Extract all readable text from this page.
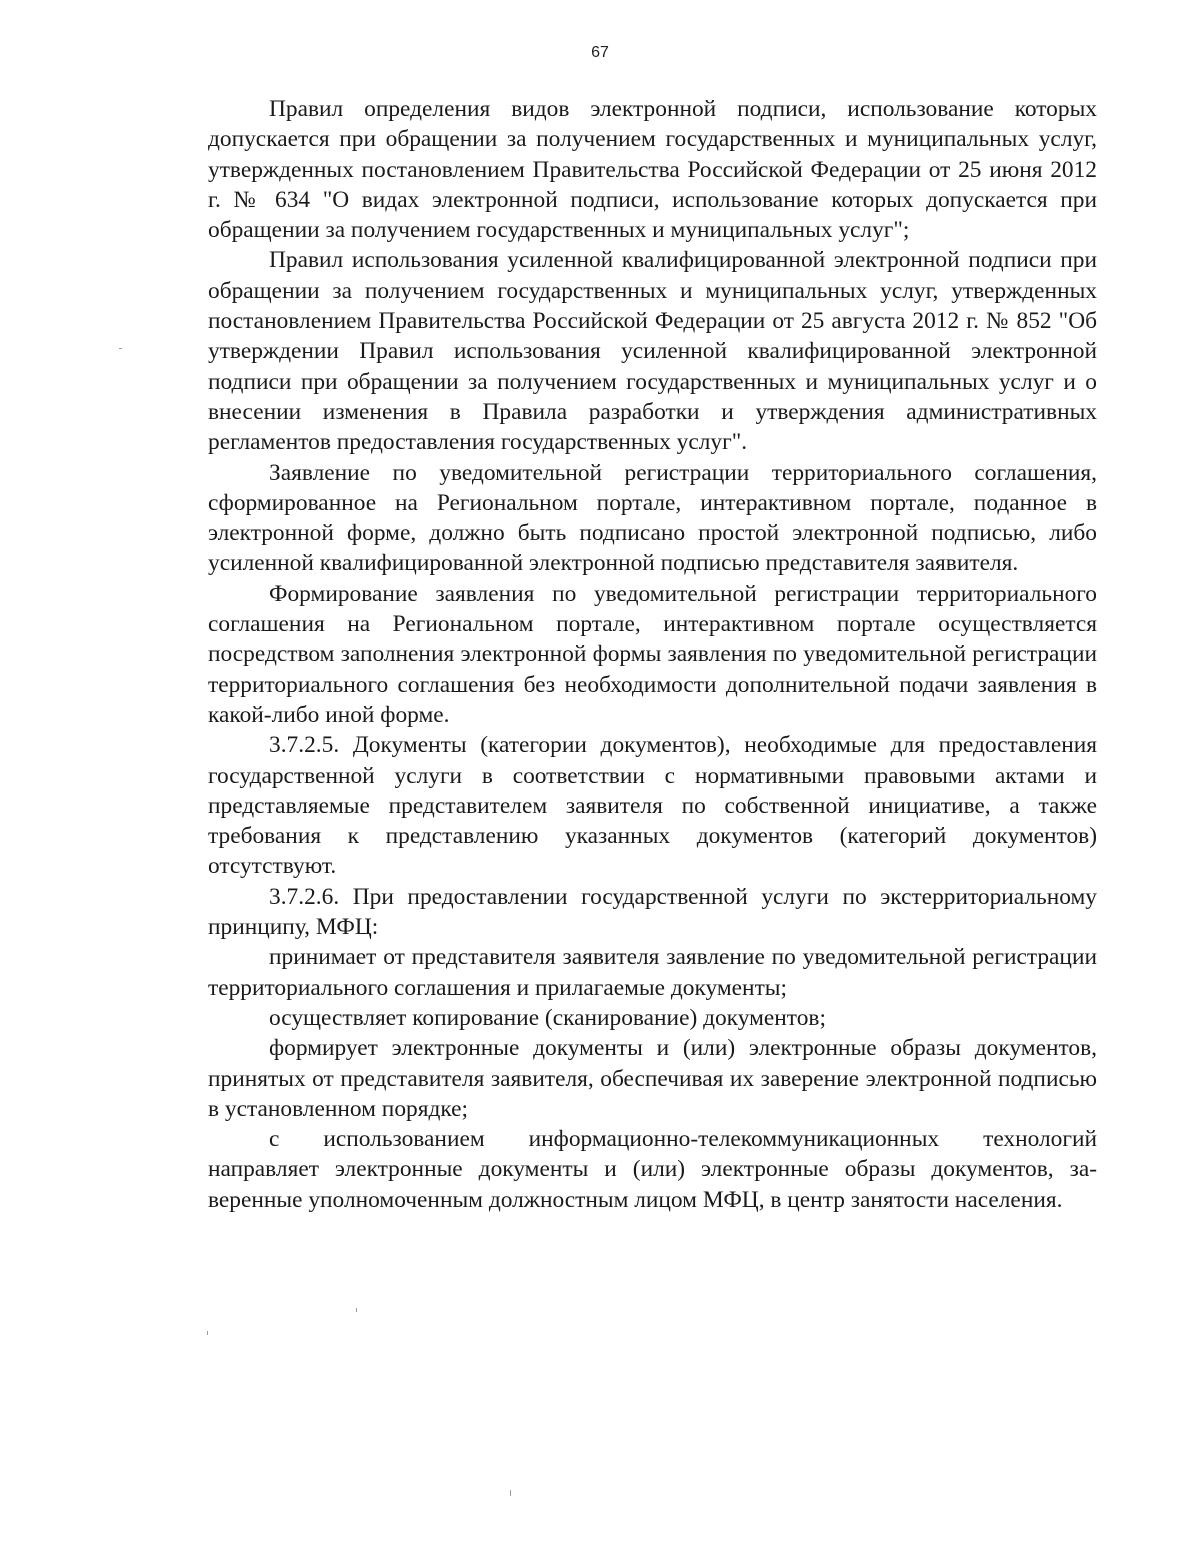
67

Правил определения видов электронной подписи, использование которых допускается при обращении за получением государственных и муниципальных услуг, утвержденных постановлением Правительства Российской Федерации от 25 июня 2012 г. № 634 "О видах электронной подписи, использование которых допускается при обращении за получением государственных и муниципальных услуг";

Правил использования усиленной квалифицированной электронной подписи при обращении за получением государственных и муниципальных услуг, утвержденных постановлением Правительства Российской Федерации от 25 августа 2012 г. № 852 "Об утверждении Правил использования усиленной квалифицированной электронной подписи при обращении за получением государственных и муниципальных услуг и о внесении изменения в Правила разработки и утверждения административных регламентов предоставления государственных услуг".

Заявление по уведомительной регистрации территориального соглашения, сформированное на Региональном портале, интерактивном портале, поданное в электронной форме, должно быть подписано простой электронной подписью, либо усиленной квалифицированной электронной подписью представителя заявителя.

Формирование заявления по уведомительной регистрации территориального соглашения на Региональном портале, интерактивном портале осуществляется посредством заполнения электронной формы заявления по уведомительной регистрации территориального соглашения без необходимости дополнительной подачи заявления в какой-либо иной форме.

3.7.2.5. Документы (категории документов), необходимые для предоставления государственной услуги в соответствии с нормативными правовыми актами и представляемые представителем заявителя по собственной инициативе, а также требования к представлению указанных документов (категорий документов) отсутствуют.

3.7.2.6. При предоставлении государственной услуги по экстерриториальному принципу, МФЦ:

принимает от представителя заявителя заявление по уведомительной регистрации территориального соглашения и прилагаемые документы;

осуществляет копирование (сканирование) документов;

формирует электронные документы и (или) электронные образы документов, принятых от представителя заявителя, обеспечивая их заверение электронной подписью в установленном порядке;

с использованием информационно-телекоммуникационных технологий направляет электронные документы и (или) электронные образы документов, заверенные уполномоченным должностным лицом МФЦ, в центр занятости населения.
